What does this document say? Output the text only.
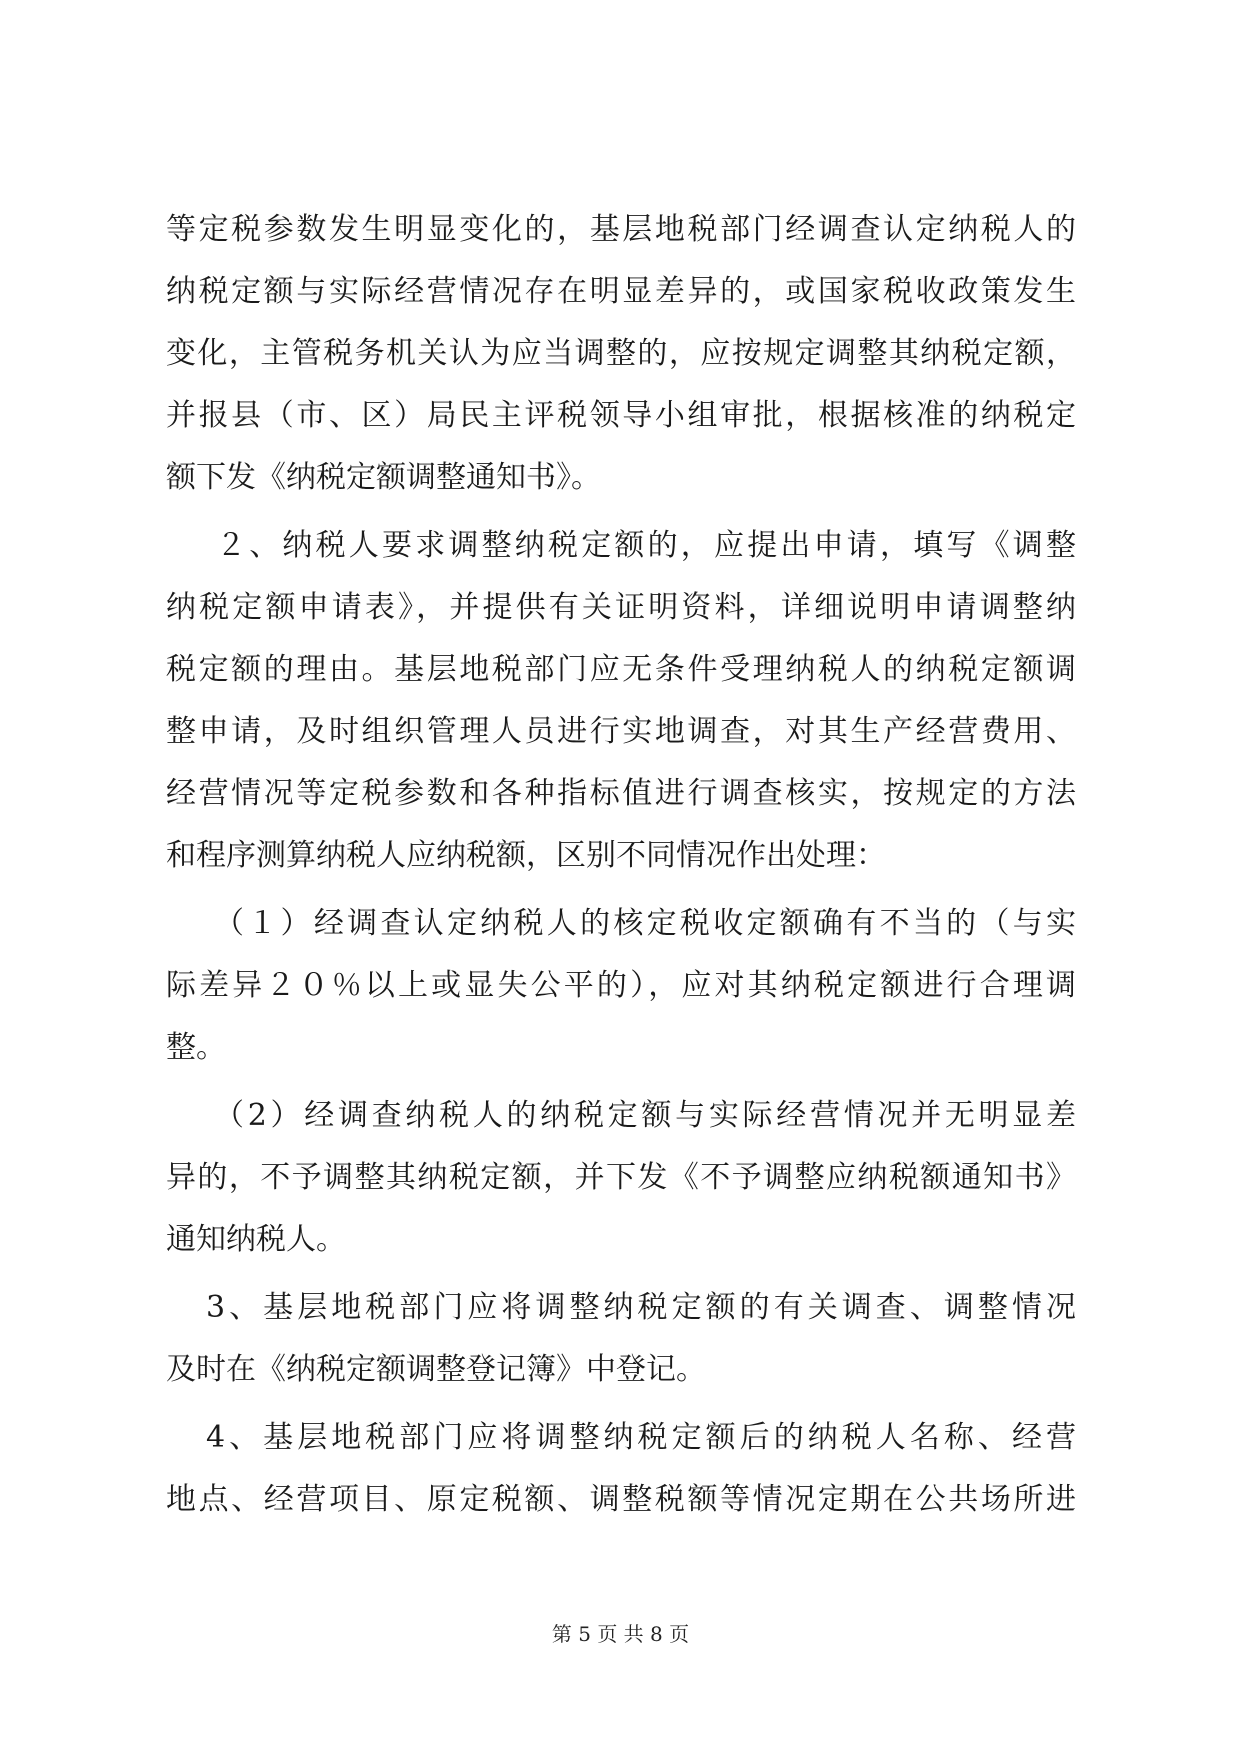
等定税参数发生明显变化的，基层地税部门经调查认定纳税人的
纳税定额与实际经营情况存在明显差异的，或国家税收政策发生
变化，主管税务机关认为应当调整的，应按规定调整其纳税定额，
并报县（市、区）局民主评税领导小组审批，根据核准的纳税定
额下发《纳税定额调整通知书》。
２、纳税人要求调整纳税定额的，应提出申请，填写《调整
纳税定额申请表》，并提供有关证明资料，详细说明申请调整纳
税定额的理由。基层地税部门应无条件受理纳税人的纳税定额调
整申请，及时组织管理人员进行实地调查，对其生产经营费用、
经营情况等定税参数和各种指标值进行调查核实，按规定的方法
和程序测算纳税人应纳税额，区别不同情况作出处理：
（１）经调查认定纳税人的核定税收定额确有不当的（与实
际差异２０％以上或显失公平的），应对其纳税定额进行合理调
整。
（2）经调查纳税人的纳税定额与实际经营情况并无明显差
异的，不予调整其纳税定额，并下发《不予调整应纳税额通知书》
通知纳税人。
3、基层地税部门应将调整纳税定额的有关调查、调整情况
及时在《纳税定额调整登记簿》中登记。
4、基层地税部门应将调整纳税定额后的纳税人名称、经营
地点、经营项目、原定税额、调整税额等情况定期在公共场所进
第 5 页 共 8 页
